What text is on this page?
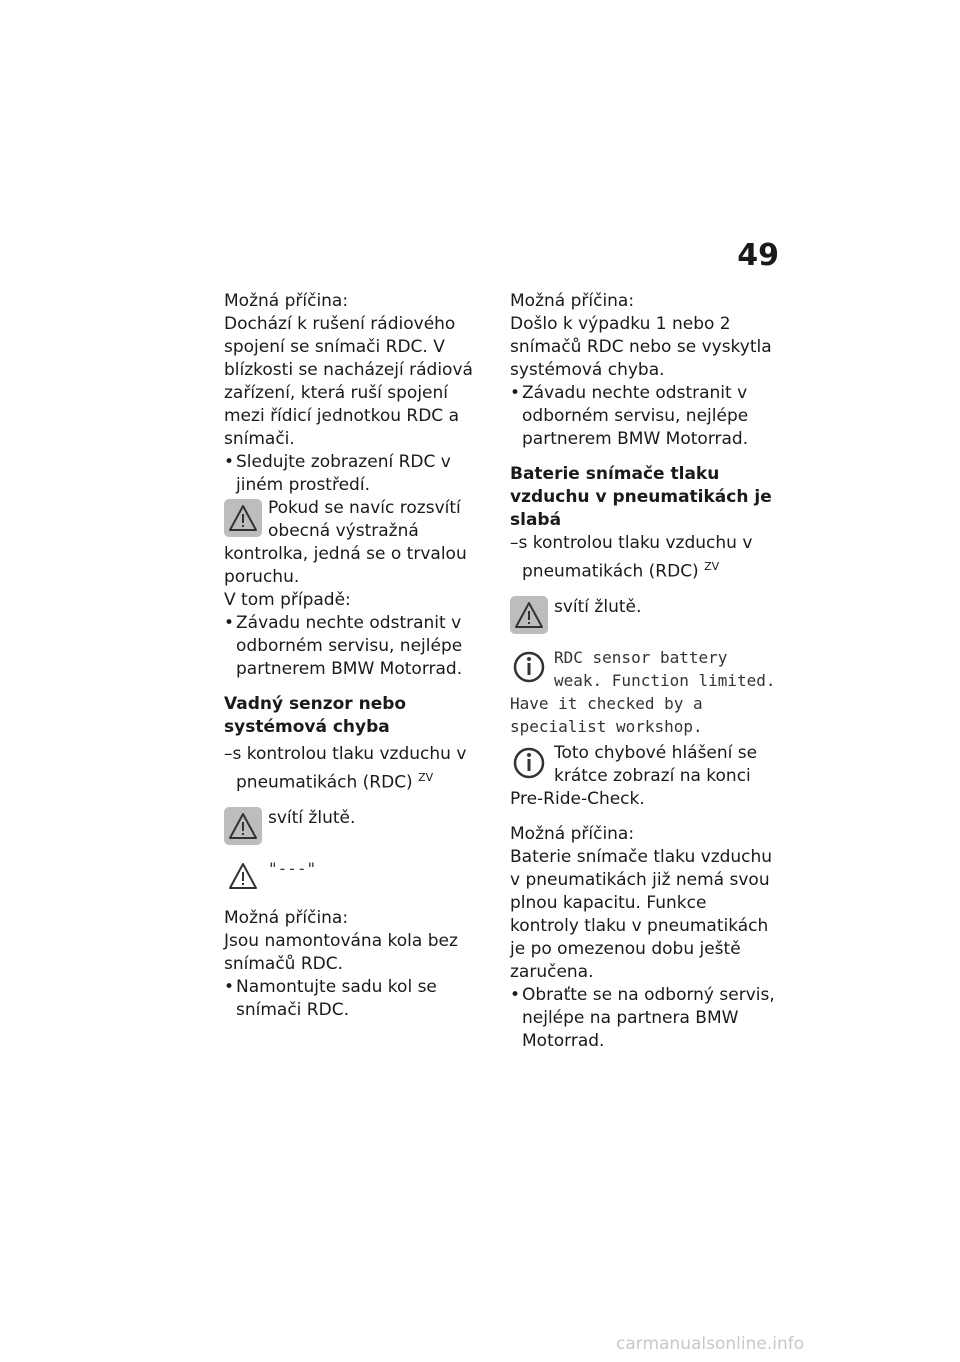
49

Možná příčina:

Dochází k rušení rádiového spojení se snímači RDC. V blízkosti se nacházejí rádiová zařízení, která ruší spojení mezi řídicí jednotkou RDC a snímači.

• Sledujte zobrazení RDC v jiném prostředí.

Pokud se navíc rozsvítí obecná výstražná kontrolka, jedná se o trvalou poruchu.

V tom případě:

• Závadu nechte odstranit v odborném servisu, nejlépe partnerem BMW Motorrad.

Vadný senzor nebo systémová chyba

–s kontrolou tlaku vzduchu v pneumatikách (RDC) $^{ZV}$

svítí žlutě.

"‑‑‑"

Možná příčina:

Jsou namontována kola bez snímačů RDC.

• Namontujte sadu kol se snímači RDC.

Možná příčina:

Došlo k výpadku 1 nebo 2 snímačů RDC nebo se vyskytla systémová chyba.

• Závadu nechte odstranit v odborném servisu, nejlépe partnerem BMW Motorrad.

Baterie snímače tlaku vzduchu v pneumatikách je slabá

–s kontrolou tlaku vzduchu v pneumatikách (RDC) $^{ZV}$

svítí žlutě.

RDC sensor battery weak. Function limited. Have it checked by a specialist workshop.

Toto chybové hlášení se krátce zobrazí na konci Pre-Ride-Check.

Možná příčina:

Baterie snímače tlaku vzduchu v pneumatikách již nemá svou plnou kapacitu. Funkce kontroly tlaku v pneumatikách je po omezenou dobu ještě zaručena.

• Obraťte se na odborný servis, nejlépe na partnera BMW Motorrad.

carmanualsonline.info
